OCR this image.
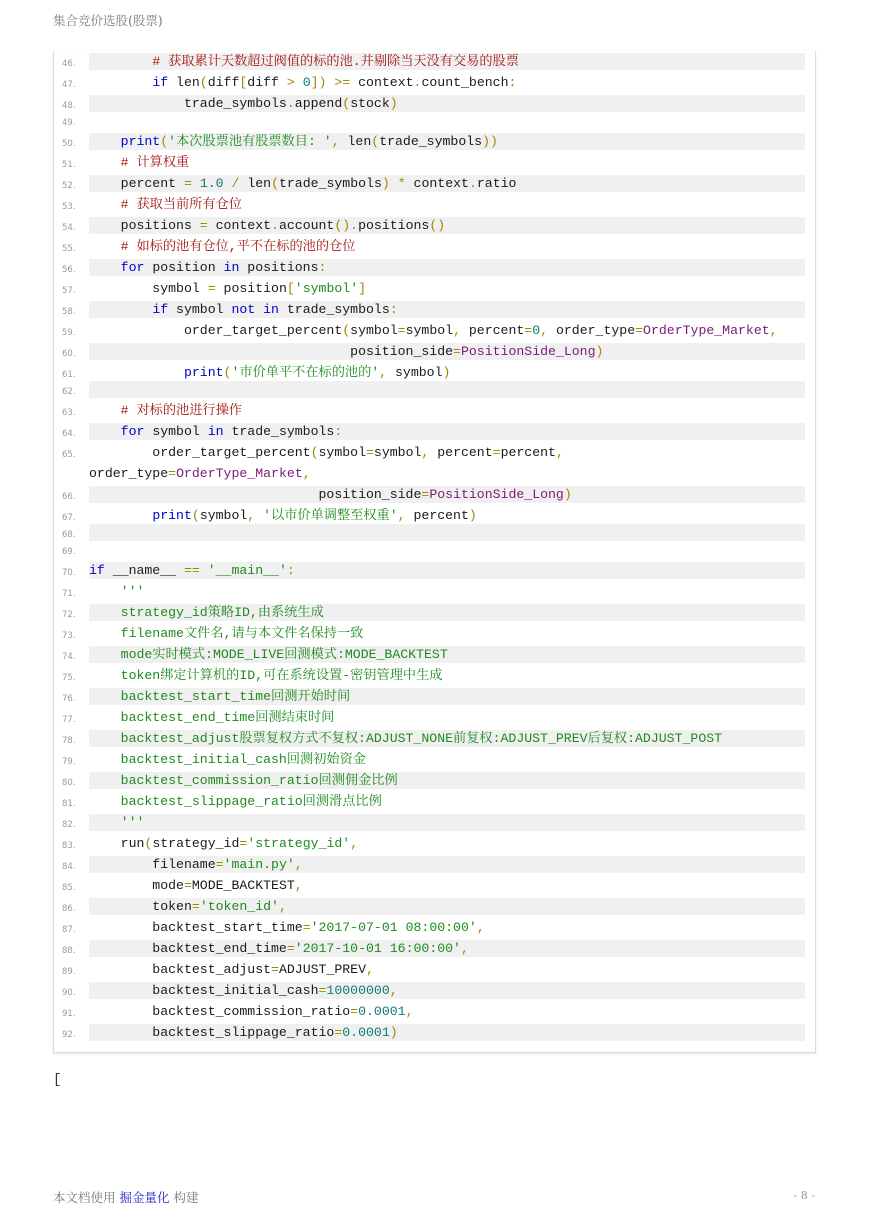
集合竞价选股(股票)
46.	# 获取累计天数超过阀值的标的池.并剔除当天没有交易的股票
47.	if len(diff[diff > 0]) >= context.count_bench:
48.	trade_symbols.append(stock)
49.
50.	print('本次股票池有股票数目: ', len(trade_symbols))
51.	# 计算权重
52.	percent = 1.0 / len(trade_symbols) * context.ratio
53.	# 获取当前所有仓位
54.	positions = context.account().positions()
55.	# 如标的池有仓位,平不在标的池的仓位
56.	for position in positions:
57.	symbol = position['symbol']
58.	if symbol not in trade_symbols:
59.	order_target_percent(symbol=symbol, percent=0, order_type=OrderType_Market,
60.	position_side=PositionSide_Long)
61.	print('市价单平不在标的池的', symbol)
62.
63.	# 对标的池进行操作
64.	for symbol in trade_symbols:
65.	order_target_percent(symbol=symbol, percent=percent,
order_type=OrderType_Market,
66.	position_side=PositionSide_Long)
67.	print(symbol, '以市价单调整至权重', percent)
68.
69.
70.	if __name__ == '__main__':
71.	'''
72.	strategy_id策略ID,由系统生成
73.	filename文件名,请与本文件名保持一致
74.	mode实时模式:MODE_LIVE回测模式:MODE_BACKTEST
75.	token绑定计算机的ID,可在系统设置-密钥管理中生成
76.	backtest_start_time回测开始时间
77.	backtest_end_time回测结束时间
78.	backtest_adjust股票复权方式不复权:ADJUST_NONE前复权:ADJUST_PREV后复权:ADJUST_POST
79.	backtest_initial_cash回测初始资金
80.	backtest_commission_ratio回测佣金比例
81.	backtest_slippage_ratio回测滑点比例
82.	'''
83.	run(strategy_id='strategy_id',
84.	filename='main.py',
85.	mode=MODE_BACKTEST,
86.	token='token_id',
87.	backtest_start_time='2017-07-01 08:00:00',
88.	backtest_end_time='2017-10-01 16:00:00',
89.	backtest_adjust=ADJUST_PREV,
90.	backtest_initial_cash=10000000,
91.	backtest_commission_ratio=0.0001,
92.	backtest_slippage_ratio=0.0001)
[
本文档使用 掘金量化 构建	- 8 -
